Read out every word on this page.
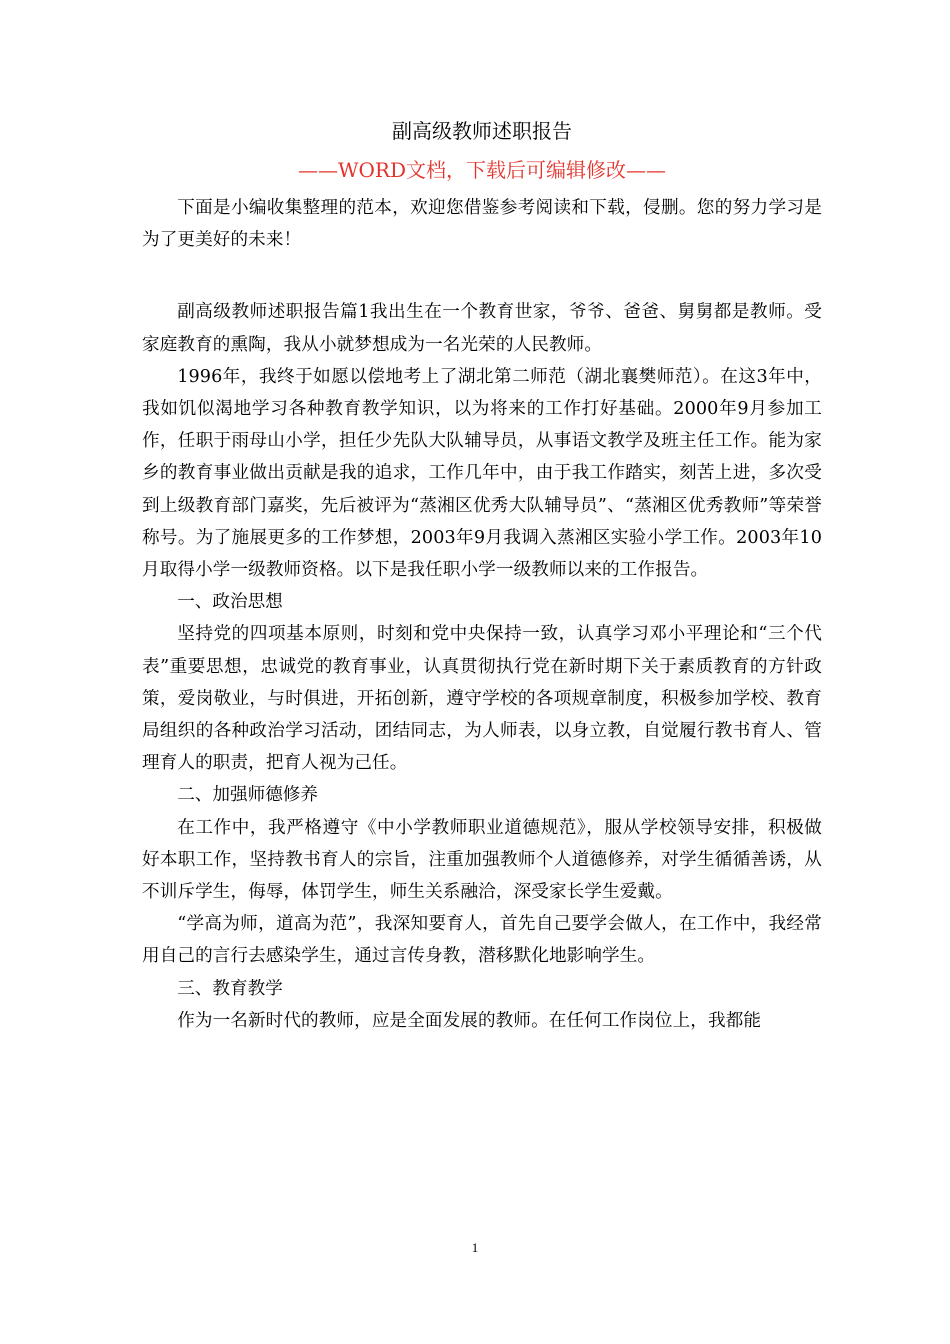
副高级教师述职报告
——WORD文档，下载后可编辑修改——

下面是小编收集整理的范本，欢迎您借鉴参考阅读和下载，侵删。您的努力学习是为了更美好的未来！

副高级教师述职报告篇1我出生在一个教育世家，爷爷、爸爸、舅舅都是教师。受家庭教育的熏陶，我从小就梦想成为一名光荣的人民教师。

1996年，我终于如愿以偿地考上了湖北第二师范（湖北襄樊师范）。在这3年中，我如饥似渴地学习各种教育教学知识，以为将来的工作打好基础。2000年9月参加工作，任职于雨母山小学，担任少先队大队辅导员，从事语文教学及班主任工作。能为家乡的教育事业做出贡献是我的追求，工作几年中，由于我工作踏实，刻苦上进，多次受到上级教育部门嘉奖，先后被评为“蒸湘区优秀大队辅导员”、“蒸湘区优秀教师”等荣誉称号。为了施展更多的工作梦想，2003年9月我调入蒸湘区实验小学工作。2003年10月取得小学一级教师资格。以下是我任职小学一级教师以来的工作报告。

一、政治思想

坚持党的四项基本原则，时刻和党中央保持一致，认真学习邓小平理论和“三个代表”重要思想，忠诚党的教育事业，认真贯彻执行党在新时期下关于素质教育的方针政策，爱岗敬业，与时俱进，开拓创新，遵守学校的各项规章制度，积极参加学校、教育局组织的各种政治学习活动，团结同志，为人师表，以身立教，自觉履行教书育人、管理育人的职责，把育人视为己任。

二、加强师德修养

在工作中，我严格遵守《中小学教师职业道德规范》，服从学校领导安排，积极做好本职工作，坚持教书育人的宗旨，注重加强教师个人道德修养，对学生循循善诱，从不训斥学生，侮辱，体罚学生，师生关系融洽，深受家长学生爱戴。

“学高为师，道高为范”，我深知要育人，首先自己要学会做人，在工作中，我经常用自己的言行去感染学生，通过言传身教，潜移默化地影响学生。

三、教育教学

作为一名新时代的教师，应是全面发展的教师。在任何工作岗位上，我都能

1
